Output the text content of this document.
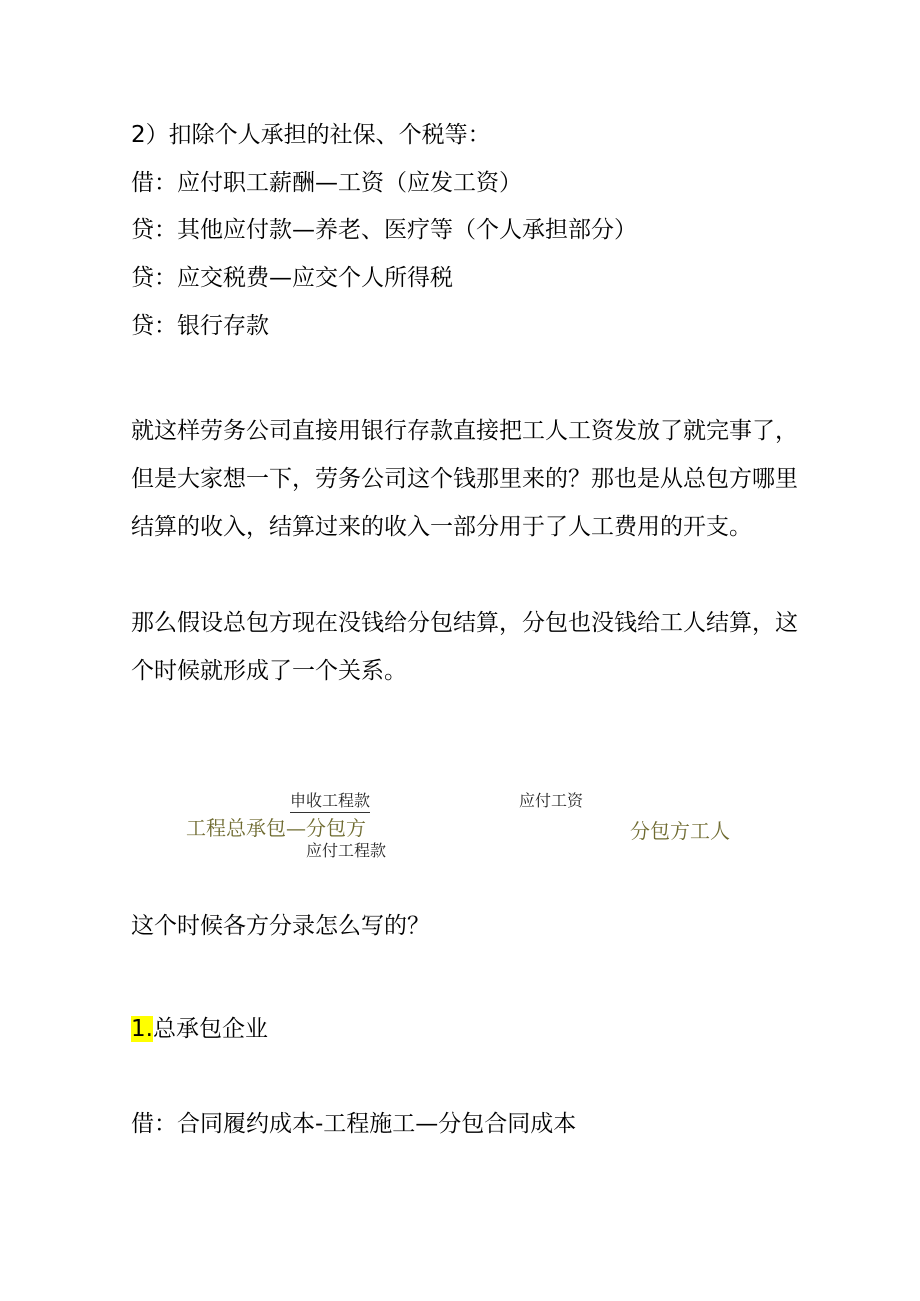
2）扣除个人承担的社保、个税等：
借：应付职工薪酬—工资（应发工资）
贷：其他应付款—养老、医疗等（个人承担部分）
贷：应交税费—应交个人所得税
贷：银行存款
就这样劳务公司直接用银行存款直接把工人工资发放了就完事了，但是大家想一下，劳务公司这个钱那里来的？那也是从总包方哪里结算的收入，结算过来的收入一部分用于了人工费用的开支。
那么假设总包方现在没钱给分包结算，分包也没钱给工人结算，这个时候就形成了一个关系。
申收工程款	应付工资
工程总承包—分包方	分包方工人
应付工程款
这个时候各方分录怎么写的？
1.总承包企业
借：合同履约成本-工程施工—分包合同成本
